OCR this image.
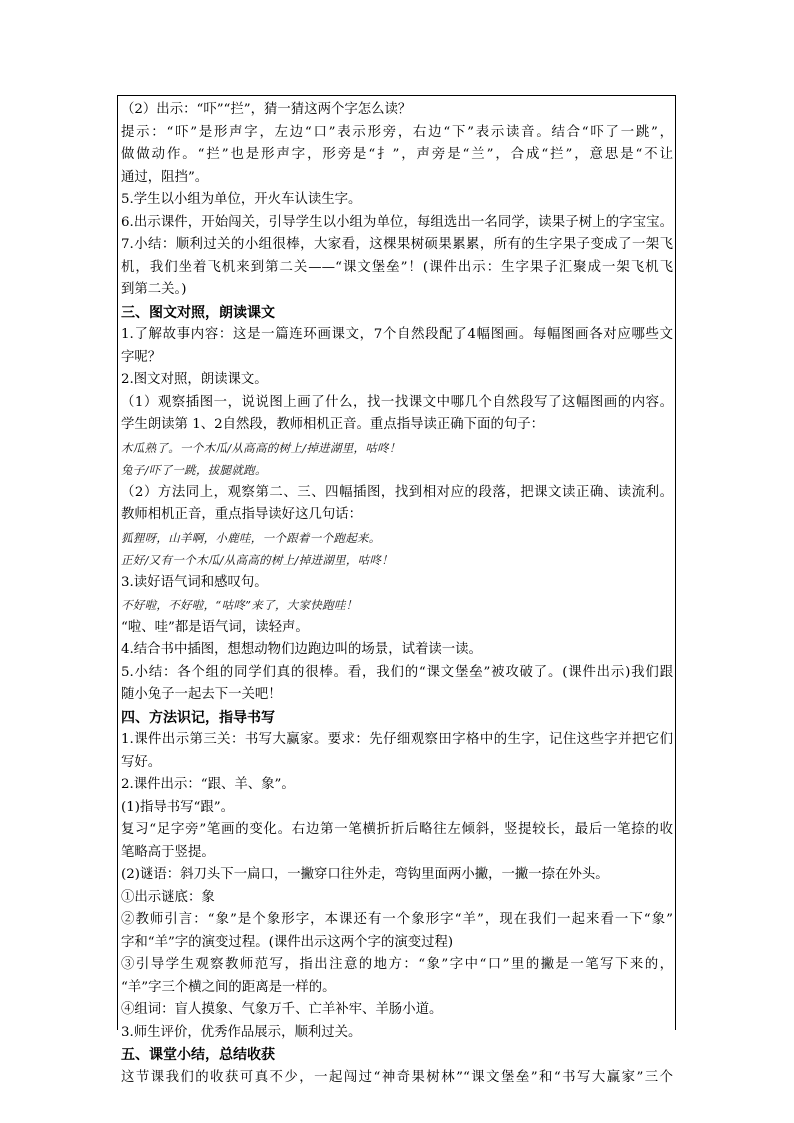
（2）出示：“吓”“拦”，猜一猜这两个字怎么读？
提示：“吓”是形声字，左边“口”表示形旁，右边“下”表示读音。结合“吓了一跳”，
做做动作。“拦”也是形声字，形旁是“扌”，声旁是“兰”，合成“拦”，意思是“不让
通过，阻挡”。
5.学生以小组为单位，开火车认读生字。
6.出示课件，开始闯关，引导学生以小组为单位，每组选出一名同学，读果子树上的字宝宝。
7.小结：顺利过关的小组很棒，大家看，这棵果树硕果累累，所有的生字果子变成了一架飞
机，我们坐着飞机来到第二关——“课文堡垒”！(课件出示：生字果子汇聚成一架飞机飞
到第二关。)
三、图文对照，朗读课文
1.了解故事内容：这是一篇连环画课文，7个自然段配了4幅图画。每幅图画各对应哪些文
字呢？
2.图文对照，朗读课文。
（1）观察插图一，说说图上画了什么，找一找课文中哪几个自然段写了这幅图画的内容。
学生朗读第 1、2自然段，教师相机正音。重点指导读正确下面的句子：
木瓜熟了。一个木瓜/从高高的树上/掉进湖里，咕咚！
兔子/吓了一跳，拔腿就跑。
（2）方法同上，观察第二、三、四幅插图，找到相对应的段落，把课文读正确、读流利。
教师相机正音，重点指导读好这几句话：
狐狸呀，山羊啊，小鹿哇，一个跟着一个跑起来。
正好/又有一个木瓜/从高高的树上/掉进湖里，咕咚！
3.读好语气词和感叹句。
不好啦，不好啦，“咕咚”来了，大家快跑哇！
“啦、哇”都是语气词，读轻声。
4.结合书中插图，想想动物们边跑边叫的场景，试着读一读。
5.小结：各个组的同学们真的很棒。看，我们的“课文堡垒”被攻破了。(课件出示)我们跟
随小兔子一起去下一关吧！
四、方法识记，指导书写
1.课件出示第三关：书写大赢家。要求：先仔细观察田字格中的生字，记住这些字并把它们
写好。
2.课件出示：“跟、羊、象”。
(1)指导书写“跟”。
复习“足字旁”笔画的变化。右边第一笔横折折后略往左倾斜，竖提较长，最后一笔捺的收
笔略高于竖提。
(2)谜语：斜刀头下一扁口，一撇穿口往外走，弯钩里面两小撇，一撇一捺在外头。
①出示谜底：象
②教师引言：“象”是个象形字，本课还有一个象形字“羊”，现在我们一起来看一下“象”
字和“羊”字的演变过程。(课件出示这两个字的演变过程)
③引导学生观察教师范写，指出注意的地方：“象”字中“口”里的撇是一笔写下来的，
“羊”字三个横之间的距离是一样的。
④组词：盲人摸象、气象万千、亡羊补牢、羊肠小道。
3.师生评价，优秀作品展示，顺利过关。
五、课堂小结，总结收获
这节课我们的收获可真不少，一起闯过“神奇果树林”“课文堡垒”和“书写大赢家”三个
